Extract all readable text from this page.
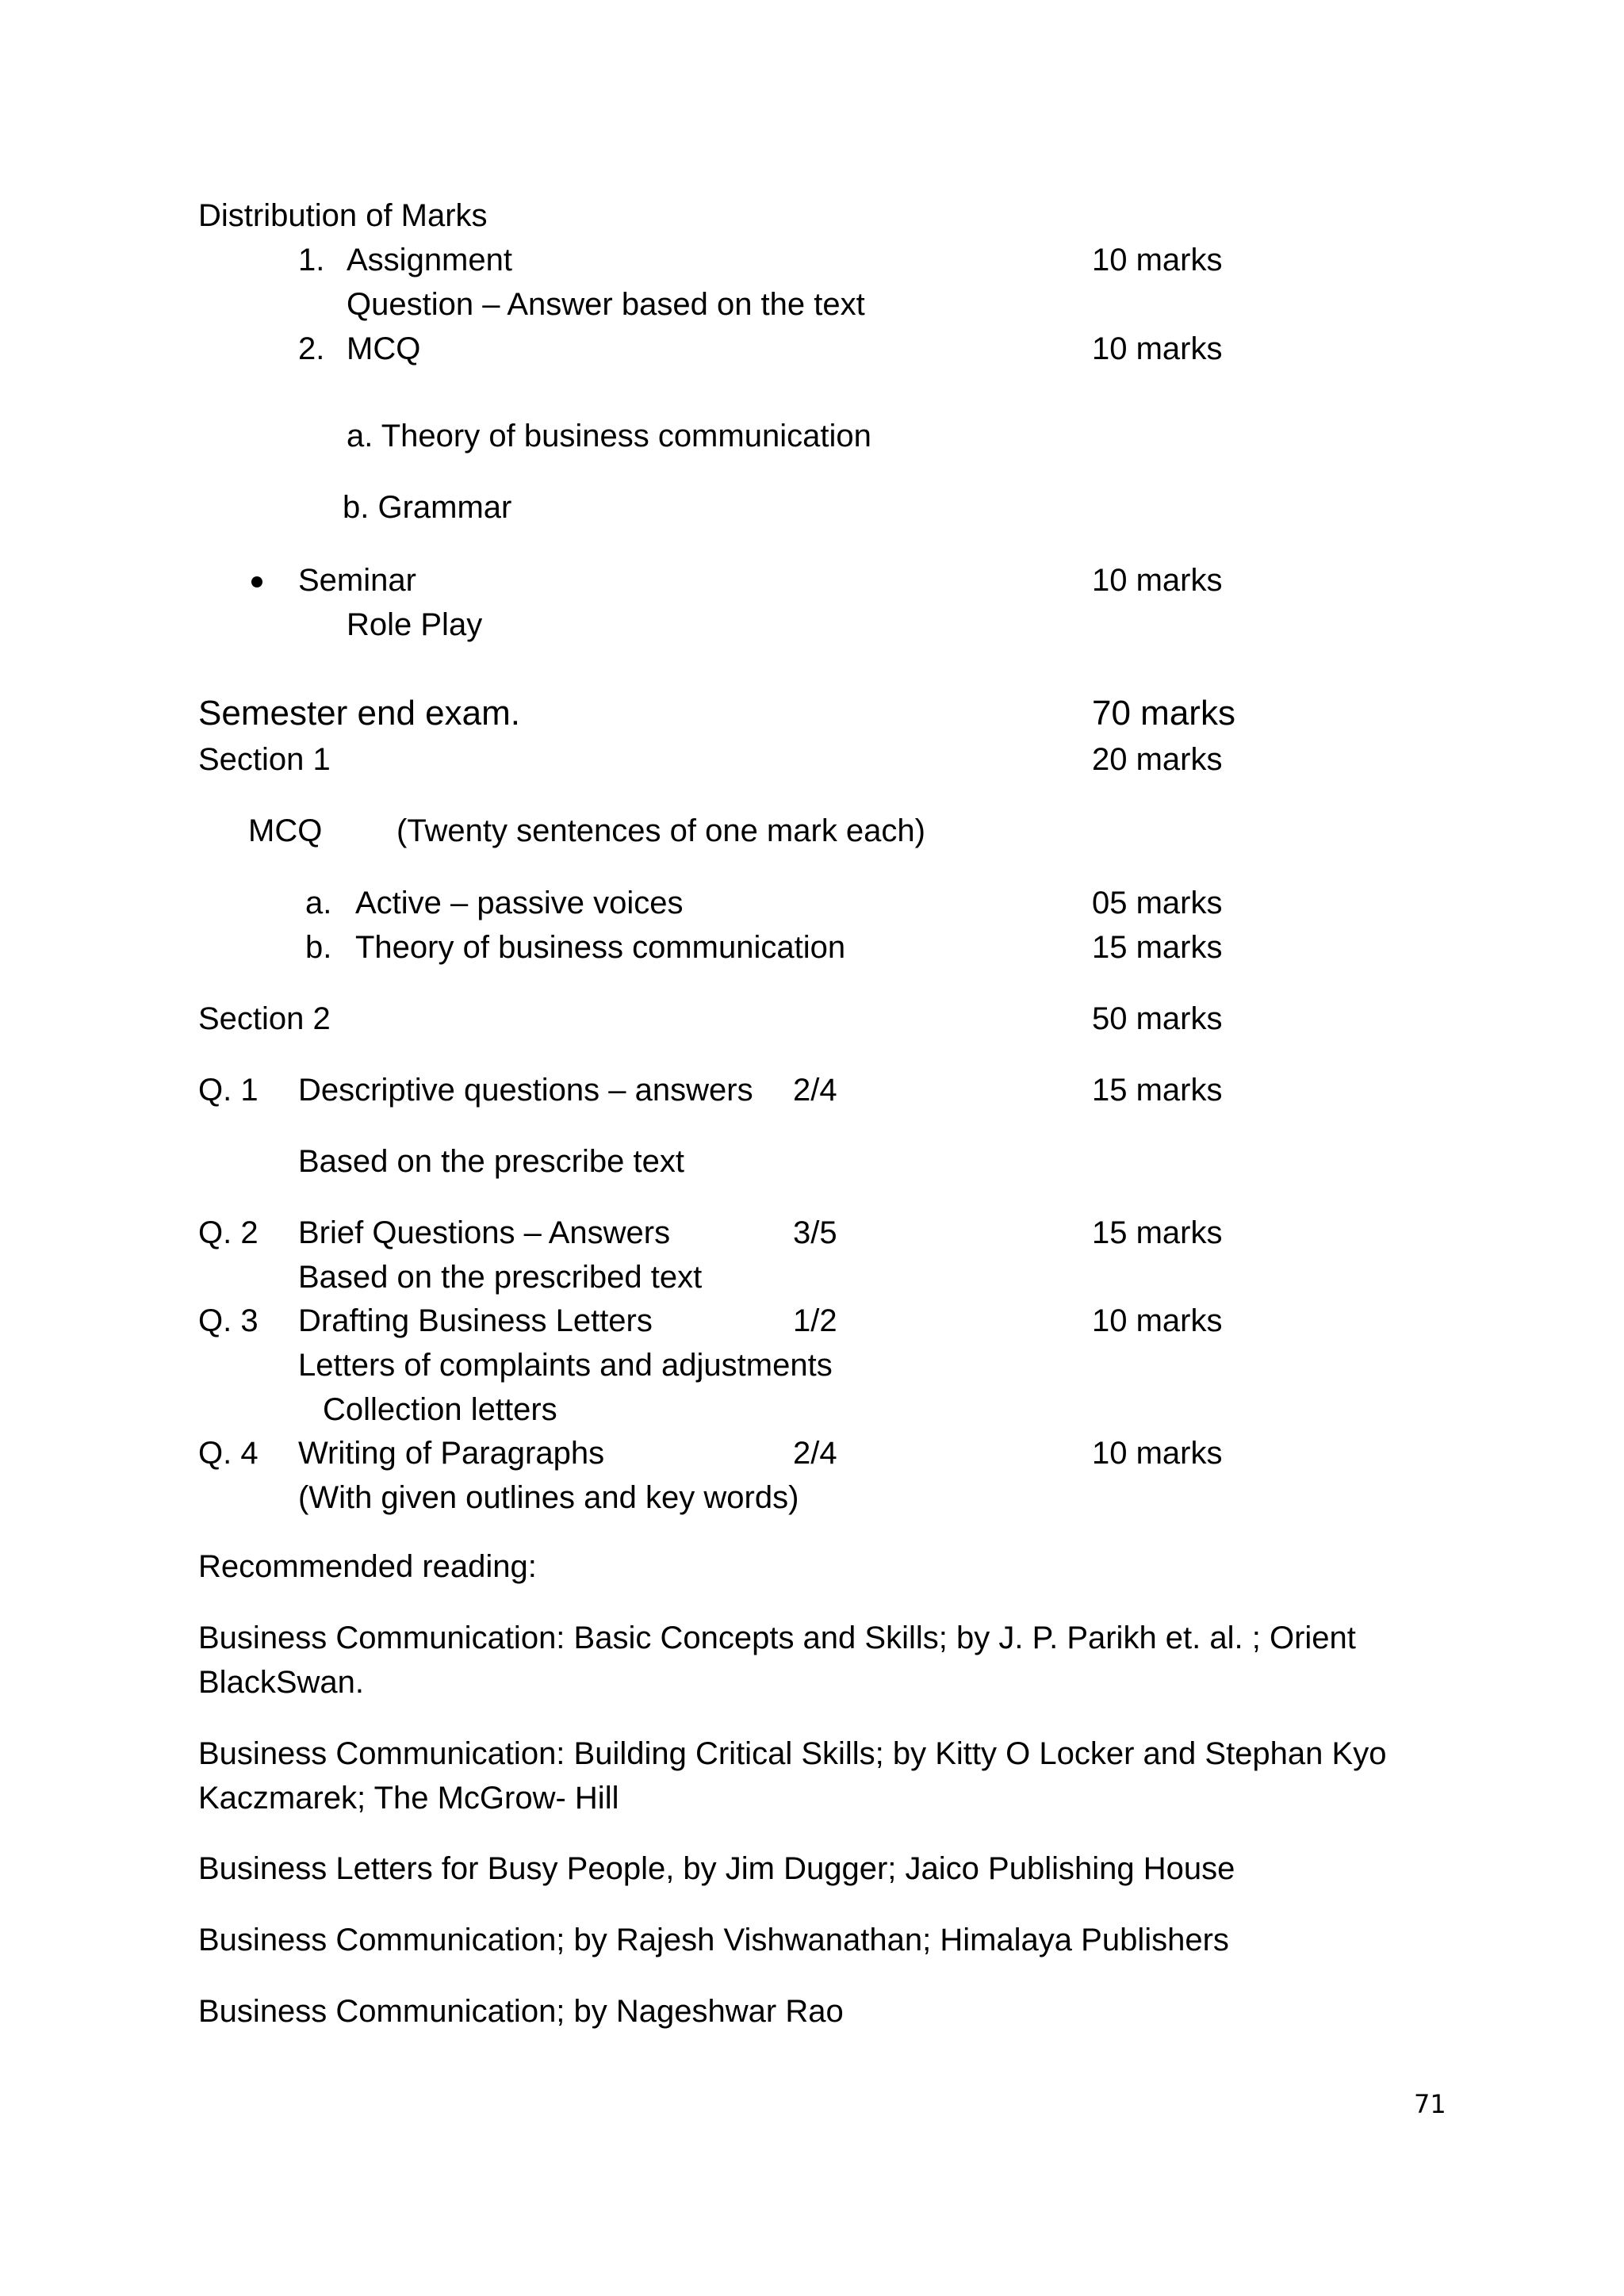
Distribution of Marks
1. Assignment	10 marks
Question – Answer based on the text
2. MCQ	10 marks
a. Theory of business communication
b. Grammar
Seminar	10 marks
Role Play
Semester end exam.	70 marks
Section 1	20 marks
MCQ (Twenty sentences of one mark each)
a. Active – passive voices	05 marks
b. Theory of business communication	15 marks
Section 2	50 marks
Q. 1 Descriptive questions – answers 2/4	15 marks
Based on the prescribe text
Q. 2 Brief Questions – Answers	3/5	15 marks
Based on the prescribed text
Q. 3 Drafting Business Letters	1/2	10 marks
Letters of complaints and adjustments
Collection letters
Q. 4 Writing of Paragraphs	2/4	10 marks
(With given outlines and key words)
Recommended reading:
Business Communication: Basic Concepts and Skills; by J. P. Parikh et. al. ; Orient
BlackSwan.
Business Communication: Building Critical Skills; by Kitty O Locker and Stephan Kyo
Kaczmarek; The McGrow- Hill
Business Letters for Busy People, by Jim Dugger; Jaico Publishing House
Business Communication; by Rajesh Vishwanathan; Himalaya Publishers
Business Communication; by Nageshwar Rao
71
